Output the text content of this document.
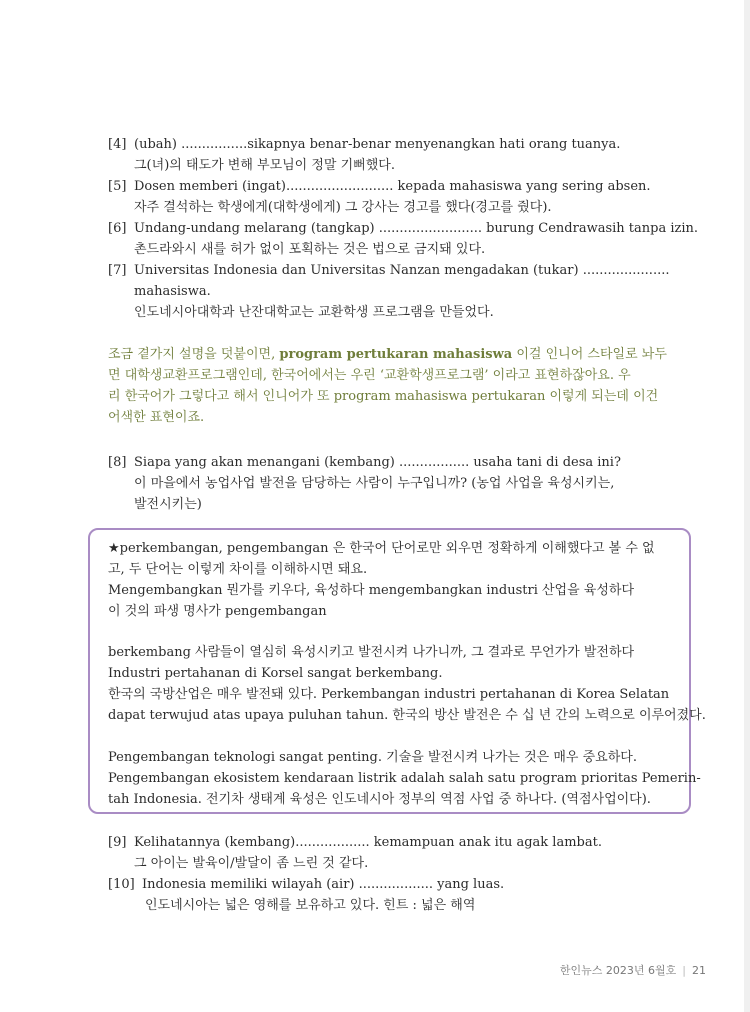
[4] (ubah) ................sikapnya benar-benar menyenangkan hati orang tuanya.
그(녀)의 태도가 변해 부모님이 정말 기뻐했다.
[5] Dosen memberi (ingat).......................... kepada mahasiswa yang sering absen.
자주 결석하는 학생에게(대학생에게) 그 강사는 경고를 했다(경고를 줬다).
[6] Undang-undang melarang (tangkap) ......................... burung Cendrawasih tanpa izin.
촌드라와시 새를 허가 없이 포획하는 것은 법으로 금지돼 있다.
[7] Universitas Indonesia dan Universitas Nanzan mengadakan (tukar) .....................
mahasiswa.
인도네시아대학과 난잔대학교는 교환학생 프로그램을 만들었다.
조금 곁가지 설명을 덧붙이면, program pertukaran mahasiswa 이걸 인니어 스타일로 놔두
면 대학생교환프로그램인데, 한국어에서는 우린 ‘교환학생프로그램’ 이라고 표현하잖아요. 우
리 한국어가 그렇다고 해서 인니어가 또 program mahasiswa pertukaran 이렇게 되는데 이건
어색한 표현이죠.
[8] Siapa yang akan menangani (kembang) ................. usaha tani di desa ini?
이 마을에서 농업사업 발전을 담당하는 사람이 누구입니까? (농업 사업을 육성시키는,
발전시키는)
★perkembangan, pengembangan 은 한국어 단어로만 외우면 정확하게 이해했다고 볼 수 없
고, 두 단어는 이렇게 차이를 이해하시면 돼요.
Mengembangkan 뭔가를 키우다, 육성하다 mengembangkan industri 산업을 육성하다
이 것의 파생 명사가 pengembangan
berkembang 사람들이 열심히 육성시키고 발전시켜 나가니까, 그 결과로 무언가가 발전하다
Industri pertahanan di Korsel sangat berkembang.
한국의 국방산업은 매우 발전돼 있다. Perkembangan industri pertahanan di Korea Selatan
dapat terwujud atas upaya puluhan tahun. 한국의 방산 발전은 수 십 년 간의 노력으로 이루어졌다.
Pengembangan teknologi sangat penting. 기술을 발전시켜 나가는 것은 매우 중요하다.
Pengembangan ekosistem kendaraan listrik adalah salah satu program prioritas Pemerin-
tah Indonesia. 전기차 생태계 육성은 인도네시아 정부의 역점 사업 중 하나다. (역점사업이다).
[9] Kelihatannya (kembang).................. kemampuan anak itu agak lambat.
그 아이는 발육이/발달이 좀 느린 것 같다.
[10] Indonesia memiliki wilayah (air) .................. yang luas.
인도네시아는 넓은 영해를 보유하고 있다. 힌트 : 넓은 해역
한인뉴스 2023년 6월호 | 21
